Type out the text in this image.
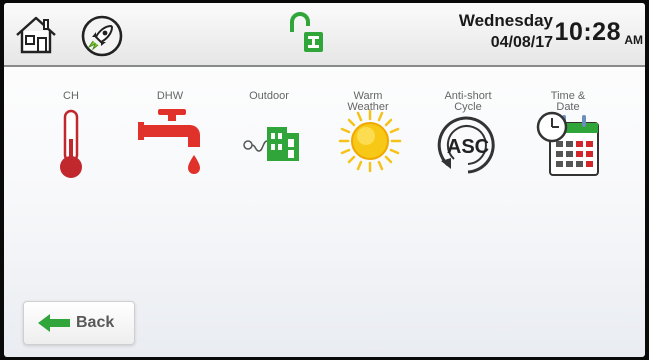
Wednesday
04/08/17 10:28 AM
CH	DHW	Outdoor	Warm
Weather
Anti-short
Cycle
ASC
Time &
Date
Back
